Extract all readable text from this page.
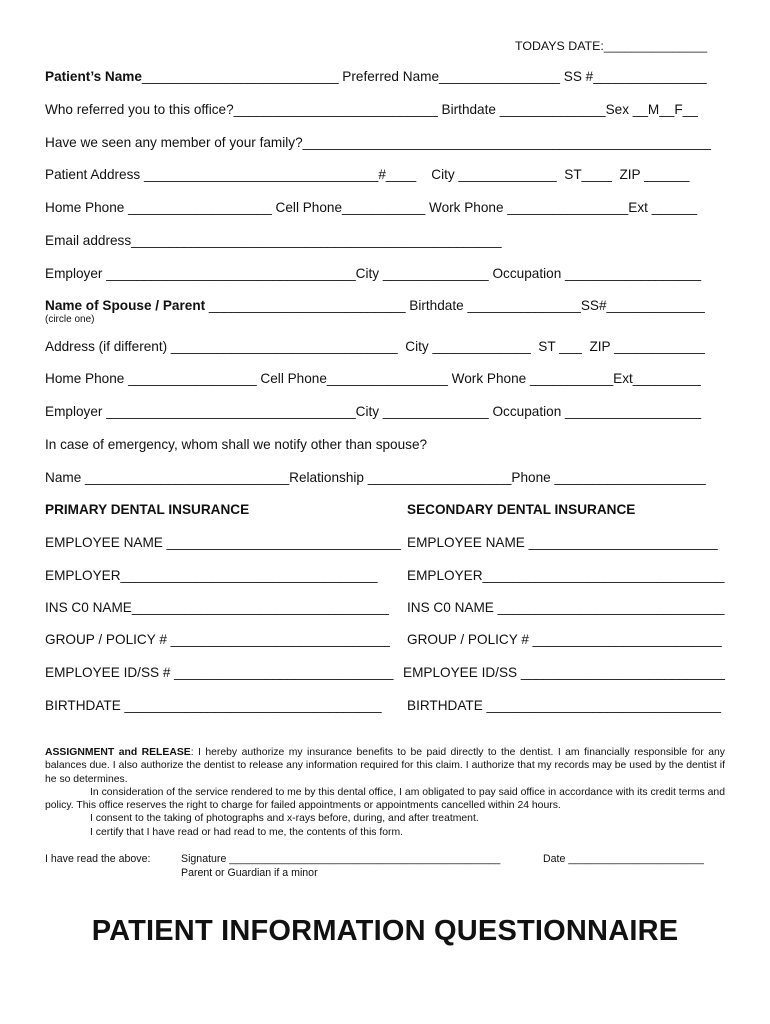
TODAYS DATE:_______________
Patient’s Name__________________________ Preferred Name________________ SS #_______________
Who referred you to this office?___________________________ Birthdate ______________Sex __M__F__
Have we seen any member of your family?______________________________________________________
Patient Address _______________________________#____    City _____________  ST____  ZIP ______
Home Phone ___________________ Cell Phone___________ Work Phone ________________Ext ______
Email address_________________________________________________
Employer _________________________________City ______________ Occupation __________________
Name of Spouse / Parent __________________________ Birthdate _______________SS#_____________
(circle one)
Address (if different) ______________________________  City _____________  ST ___  ZIP ____________
Home Phone _________________ Cell Phone________________ Work Phone ___________Ext_________
Employer _________________________________City ______________ Occupation __________________
In case of emergency, whom shall we notify other than spouse?
Name ___________________________Relationship ___________________Phone ____________________
PRIMARY DENTAL INSURANCE	SECONDARY DENTAL INSURANCE
EMPLOYEE NAME _______________________________ EMPLOYEE NAME _________________________
EMPLOYER__________________________________ EMPLOYER________________________________
INS C0 NAME__________________________________ INS C0 NAME ______________________________
GROUP / POLICY # _____________________________ GROUP / POLICY # _________________________
EMPLOYEE ID/SS # _____________________________ EMPLOYEE ID/SS ___________________________
BIRTHDATE __________________________________ BIRTHDATE _______________________________

ASSIGNMENT and RELEASE: I hereby authorize my insurance benefits to be paid directly to the dentist. I am financially responsible for any balances due. I also authorize the dentist to release any information required for this claim. I authorize that my records may be used by the dentist if he so determines.

In consideration of the service rendered to me by this dental office, I am obligated to pay said office in accordance with its credit terms and policy. This office reserves the right to charge for failed appointments or appointments cancelled within 24 hours.

I consent to the taking of photographs and x-rays before, during, and after treatment.

I certify that I have read or had read to me, the contents of this form.

I have read the above:

	Signature ______________________________________________

	Date _______________________

Parent or Guardian if a minor

PATIENT INFORMATION QUESTIONNAIRE
